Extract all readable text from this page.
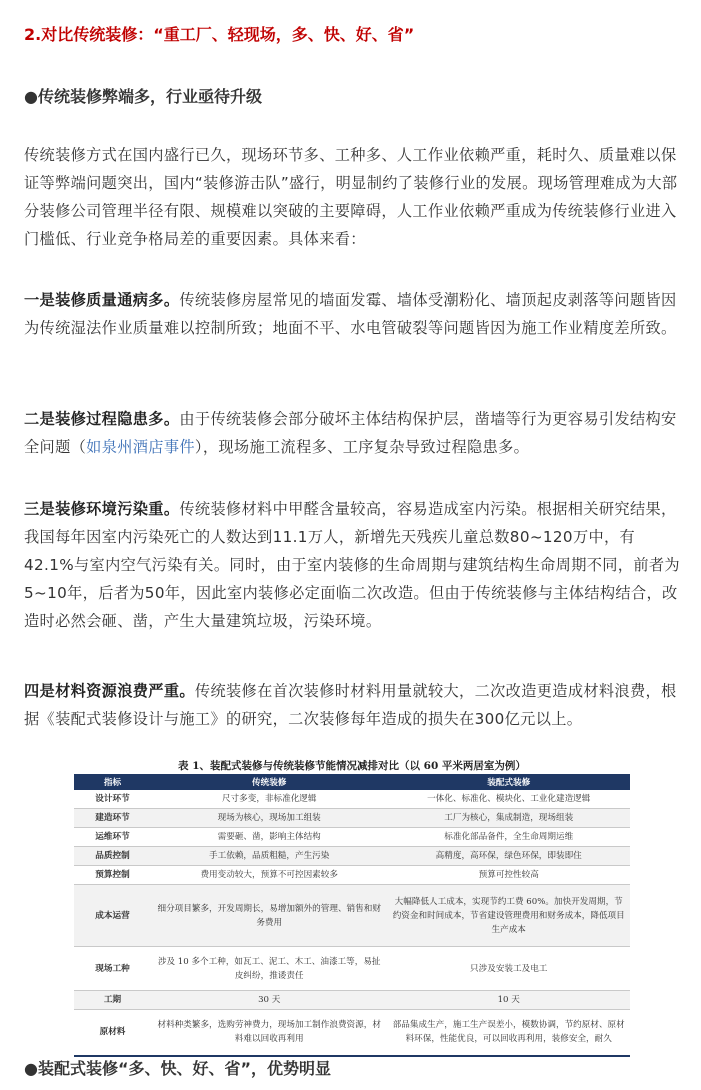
2.对比传统装修：“重工厂、轻现场，多、快、好、省”
●传统装修弊端多，行业亟待升级

传统装修方式在国内盛行已久，现场环节多、工种多、人工作业依赖严重，耗时久、质量难以保证等弊端问题突出，国内“装修游击队”盛行，明显制约了装修行业的发展。现场管理难成为大部分装修公司管理半径有限、规模难以突破的主要障碍，人工作业依赖严重成为传统装修行业进入门槛低、行业竞争格局差的重要因素。具体来看：

一是装修质量通病多。传统装修房屋常见的墙面发霉、墙体受潮粉化、墙顶起皮剥落等问题皆因为传统湿法作业质量难以控制所致；地面不平、水电管破裂等问题皆因为施工作业精度差所致。

二是装修过程隐患多。由于传统装修会部分破坏主体结构保护层，凿墙等行为更容易引发结构安全问题（如泉州酒店事件），现场施工流程多、工序复杂导致过程隐患多。

三是装修环境污染重。传统装修材料中甲醛含量较高，容易造成室内污染。根据相关研究结果，我国每年因室内污染死亡的人数达到11.1万人，新增先天残疾儿童总数80~120万中，有42.1%与室内空气污染有关。同时，由于室内装修的生命周期与建筑结构生命周期不同，前者为5~10年，后者为50年，因此室内装修必定面临二次改造。但由于传统装修与主体结构结合，改造时必然会砸、凿，产生大量建筑垃圾，污染环境。

四是材料资源浪费严重。传统装修在首次装修时材料用量就较大，二次改造更造成材料浪费，根据《装配式装修设计与施工》的研究，二次装修每年造成的损失在300亿元以上。

表 1、装配式装修与传统装修节能情况减排对比（以 60 平米两居室为例）
指标	传统装修	装配式装修
设计环节	尺寸多变，非标准化逻辑	一体化、标准化、模块化、工业化建造逻辑
建造环节	现场为核心，现场加工组装	工厂为核心，集成制造，现场组装
运维环节	需要砸、凿，影响主体结构	标准化部品备件，全生命周期运维
品质控制	手工依赖，品质粗糙，产生污染	高精度，高环保，绿色环保，即装即住
预算控制	费用变动较大，预算不可控因素较多	预算可控性较高
成本运营	细分项目繁多，开发周期长，易增加额外的管理、销售和财务费用	大幅降低人工成本，实现节约工费 60%。加快开发周期，节约资金和时间成本，节省建设管理费用和财务成本，降低项目生产成本
现场工种	涉及 10 多个工种，如瓦工、泥工、木工、油漆工等，易扯皮纠纷，推诿责任	只涉及安装工及电工
工期	30 天	10 天
原材料	材料种类繁多，选购劳神费力，现场加工制作浪费资源，材料难以回收再利用	部品集成生产，施工生产误差小，模数协调，节约原材、原材料环保，性能优良，可以回收再利用，装修安全，耐久
●装配式装修“多、快、好、省”，优势明显
